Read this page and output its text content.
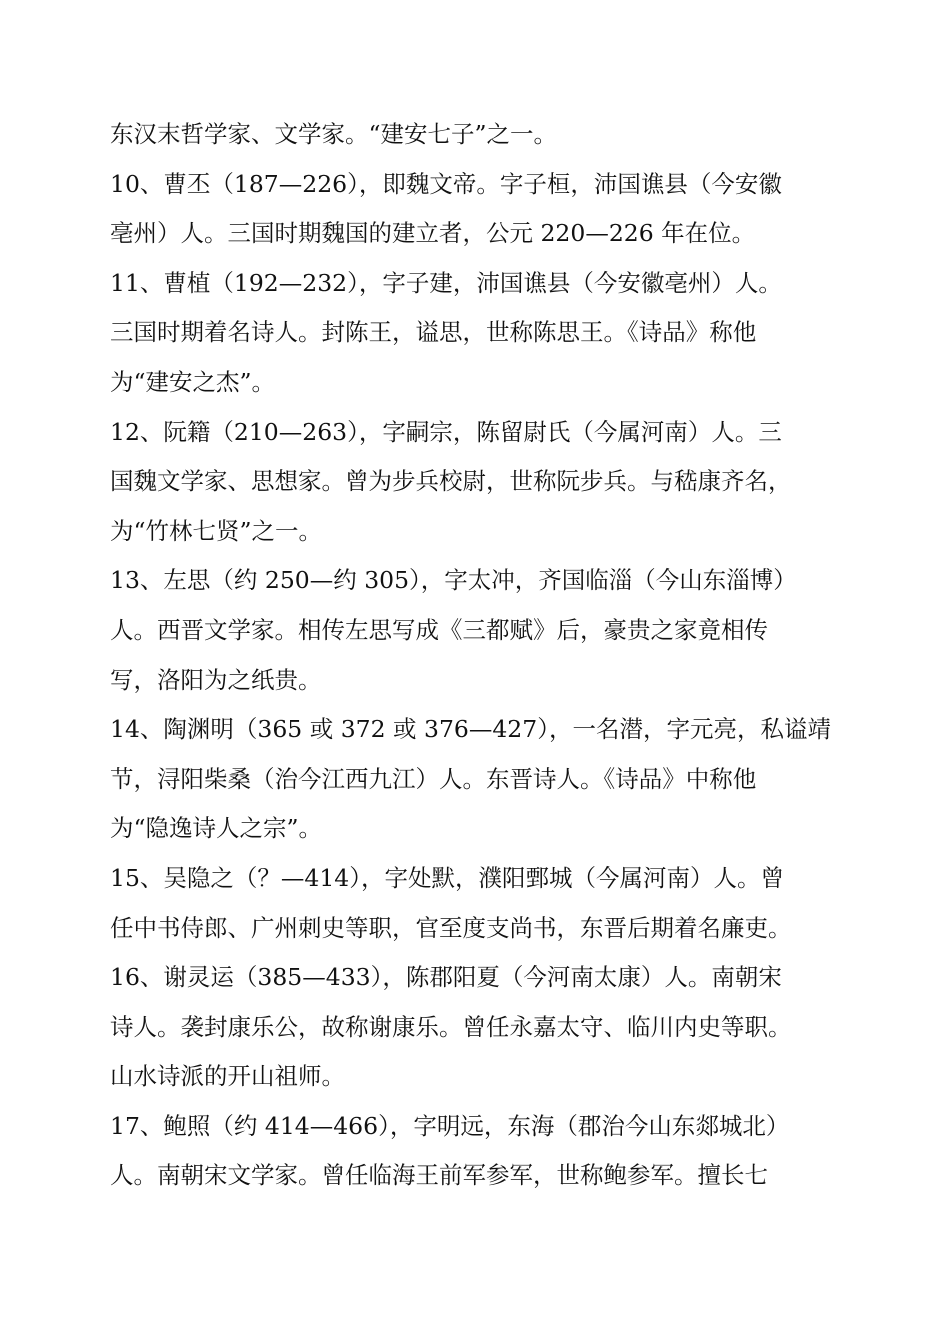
东汉末哲学家、文学家。“建安七子”之一。
10、曹丕（187—226），即魏文帝。字子桓，沛国谯县（今安徽
亳州）人。三国时期魏国的建立者，公元 220—226 年在位。
11、曹植（192—232），字子建，沛国谯县（今安徽亳州）人。
三国时期着名诗人。封陈王，谥思，世称陈思王。《诗品》称他
为“建安之杰”。
12、阮籍（210—263），字嗣宗，陈留尉氏（今属河南）人。三
国魏文学家、思想家。曾为步兵校尉，世称阮步兵。与嵇康齐名，
为“竹林七贤”之一。
13、左思（约 250—约 305），字太冲，齐国临淄（今山东淄博）
人。西晋文学家。相传左思写成《三都赋》后，豪贵之家竟相传
写，洛阳为之纸贵。
14、陶渊明（365 或 372 或 376—427），一名潜，字元亮，私谥靖
节，浔阳柴桑（治今江西九江）人。东晋诗人。《诗品》中称他
为“隐逸诗人之宗”。
15、吴隐之（？—414），字处默，濮阳鄄城（今属河南）人。曾
任中书侍郎、广州刺史等职，官至度支尚书，东晋后期着名廉吏。
16、谢灵运（385—433），陈郡阳夏（今河南太康）人。南朝宋
诗人。袭封康乐公，故称谢康乐。曾任永嘉太守、临川内史等职。
山水诗派的开山祖师。
17、鲍照（约 414—466），字明远，东海（郡治今山东郯城北）
人。南朝宋文学家。曾任临海王前军参军，世称鲍参军。擅长七
